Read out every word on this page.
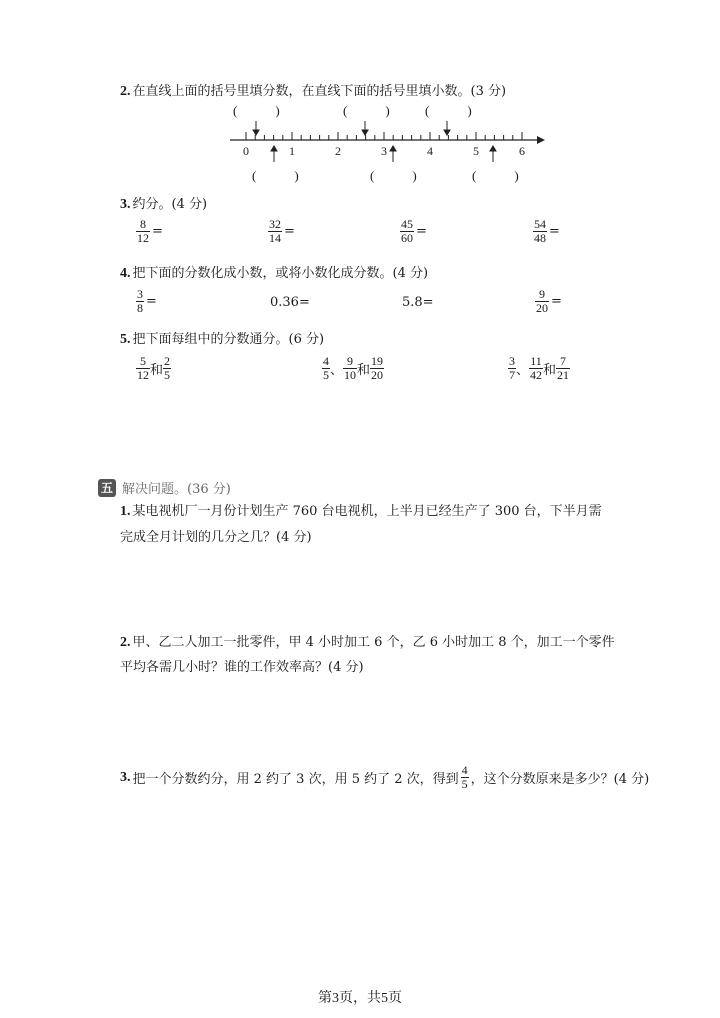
2. 在直线上面的括号里填分数，在直线下面的括号里填小数。(3 分)
(	)	(	)	(	)
0	1	2	3	4	5	6
(	)	(	)	(	)
3. 约分。(4 分)
$\frac{8}{12}$ =	$\frac{32}{14}$ =	$\frac{45}{60}$ =	$\frac{54}{48}$ =
4. 把下面的分数化成小数，或将小数化成分数。(4 分)
$\frac{3}{8}$ =	0.36=	5.8=	$\frac{9}{20}$ =
5. 把下面每组中的分数通分。(6 分)
$\frac{5}{12}$ 和 $\frac{2}{5}$	$\frac{4}{5}$ 、 $\frac{9}{10}$ 和 $\frac{19}{20}$	$\frac{3}{7}$ 、 $\frac{11}{42}$ 和 $\frac{7}{21}$
五 解决问题。(36 分)
1. 某电视机厂一月份计划生产 760 台电视机，上半月已经生产了 300 台，下半月需
完成全月计划的几分之几？(4 分)
2. 甲、乙二人加工一批零件，甲 4 小时加工 6 个，乙 6 小时加工 8 个，加工一个零件
平均各需几小时？谁的工作效率高？(4 分)
3. 把一个分数约分，用 2 约了 3 次，用 5 约了 2 次，得到 $\frac{4}{5}$ ，这个分数原来是多少？(4 分)
第3页，共5页
